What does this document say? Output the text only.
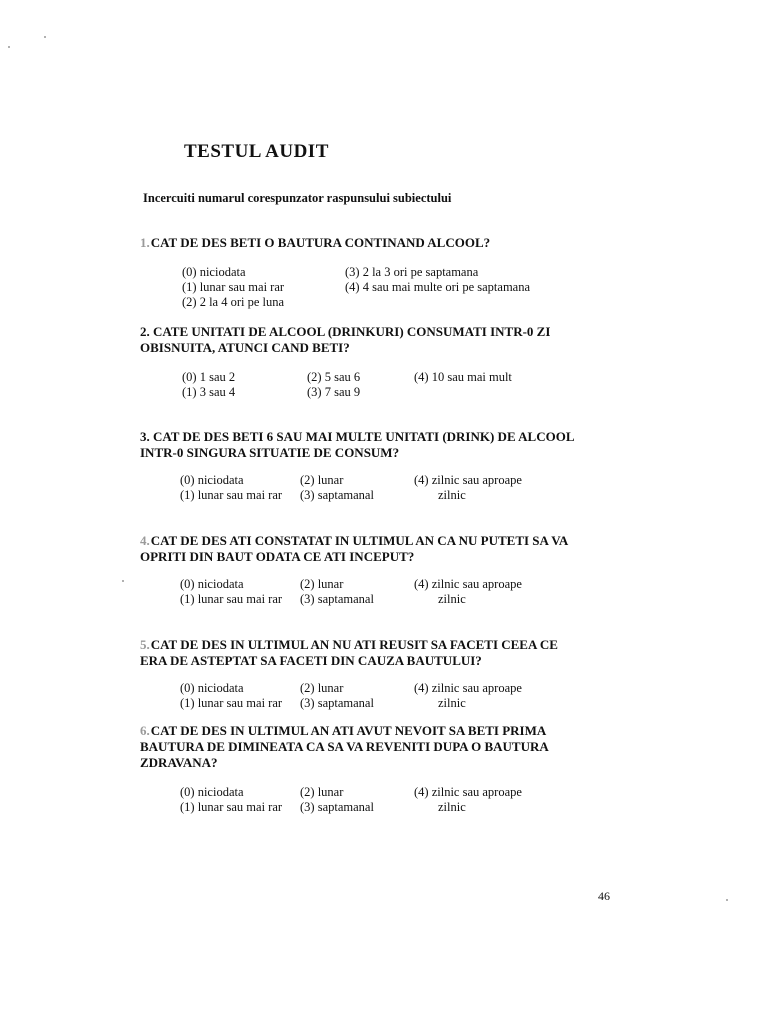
TESTUL AUDIT
Incercuiti numarul corespunzator raspunsului subiectului
1.CAT DE DES BETI O BAUTURA CONTINAND ALCOOL?
(0) niciodata
(1) lunar sau mai rar
(2) 2 la 4 ori pe luna
(3) 2 la 3 ori pe saptamana
(4) 4 sau mai multe ori pe saptamana
2. CATE UNITATI DE ALCOOL (DRINKURI) CONSUMATI INTR-0 ZI
OBISNUITA, ATUNCI CAND BETI?
(0) 1 sau 2
(1) 3 sau 4
(2) 5 sau 6
(3) 7 sau 9
(4) 10 sau mai mult
3. CAT DE DES BETI 6 SAU MAI MULTE UNITATI (DRINK) DE ALCOOL
INTR-0 SINGURA SITUATIE DE CONSUM?
(0) niciodata
(1) lunar sau mai rar
(2) lunar
(3) saptamanal
(4) zilnic sau aproape
zilnic
4.CAT DE DES ATI CONSTATAT IN ULTIMUL AN CA NU PUTETI SA VA
OPRITI DIN BAUT ODATA CE ATI INCEPUT?
(0) niciodata
(1) lunar sau mai rar
(2) lunar
(3) saptamanal
(4) zilnic sau aproape
zilnic
5.CAT DE DES IN ULTIMUL AN NU ATI REUSIT SA FACETI CEEA CE
ERA DE ASTEPTAT SA FACETI DIN CAUZA BAUTULUI?
(0) niciodata
(1) lunar sau mai rar
(2) lunar
(3) saptamanal
(4) zilnic sau aproape
zilnic
6.CAT DE DES IN ULTIMUL AN ATI AVUT NEVOIT SA BETI PRIMA
BAUTURA DE DIMINEATA CA SA VA REVENITI DUPA O BAUTURA
ZDRAVANA?
(0) niciodata
(1) lunar sau mai rar
(2) lunar
(3) saptamanal
(4) zilnic sau aproape
zilnic
46
